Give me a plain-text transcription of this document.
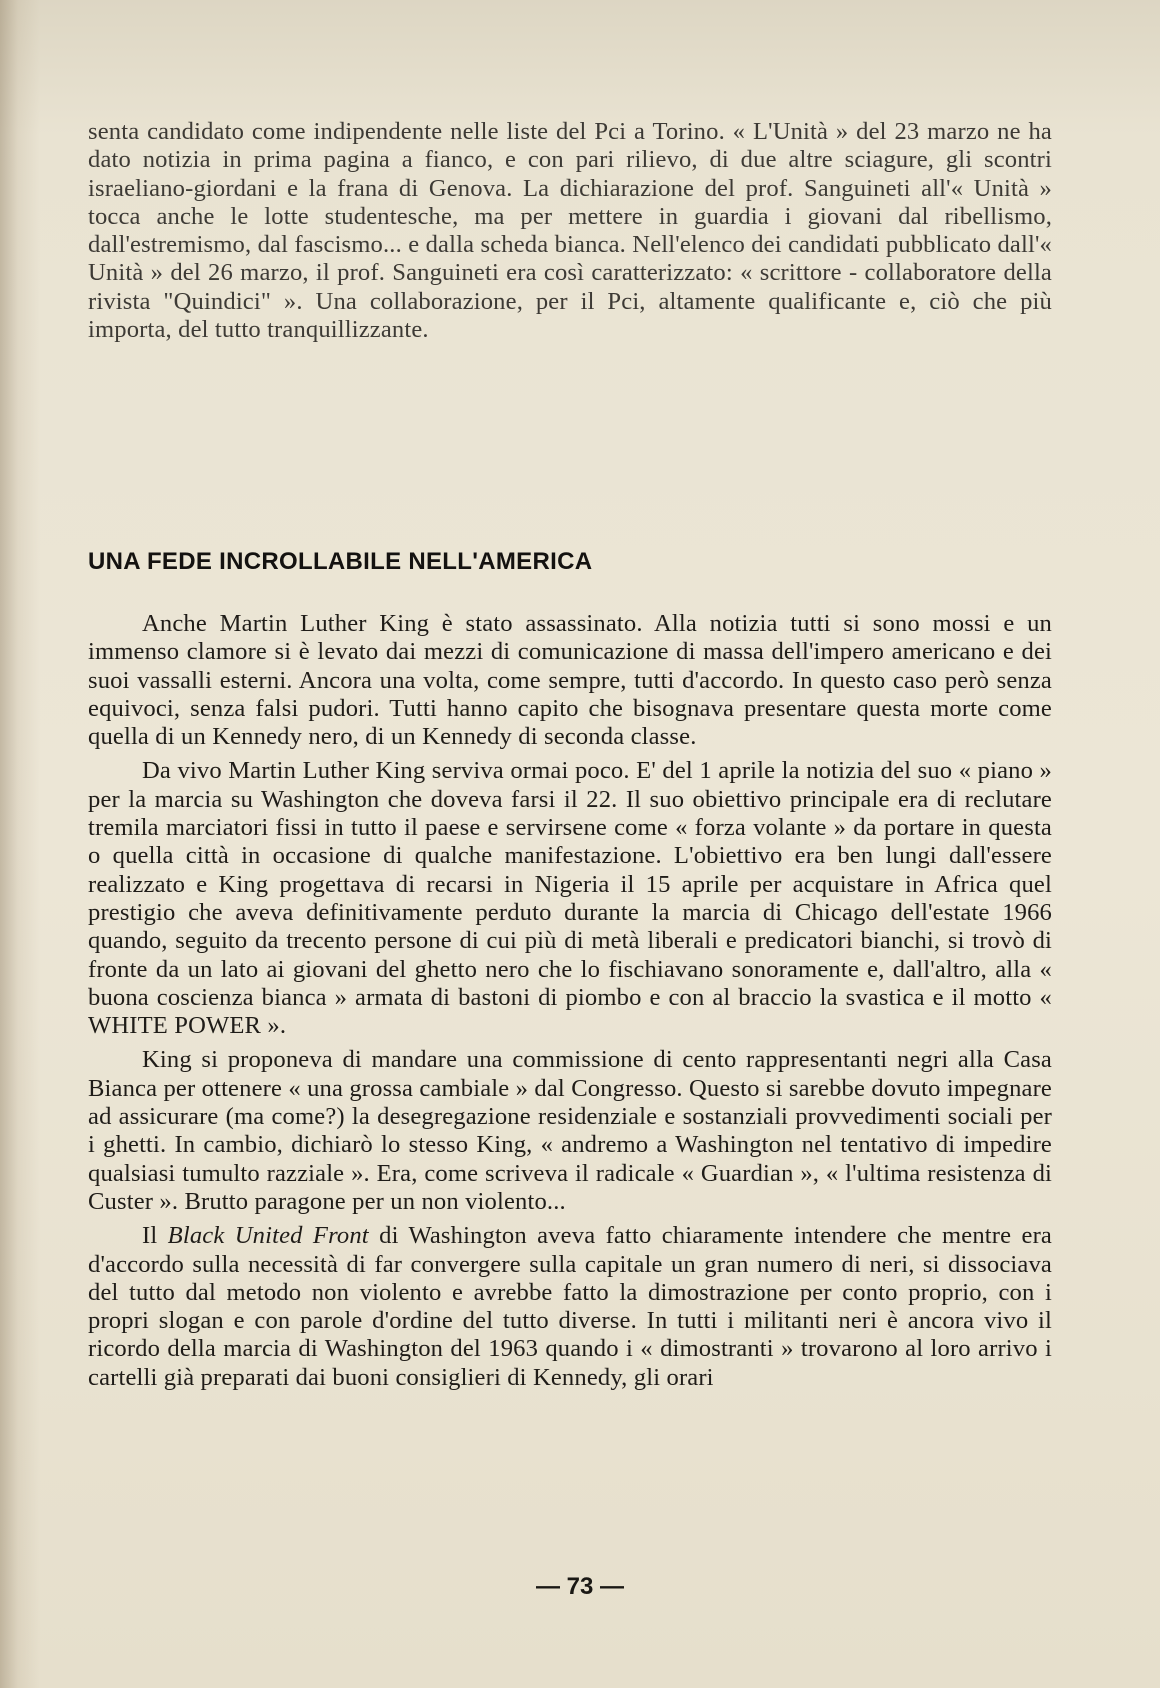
senta candidato come indipendente nelle liste del Pci a Torino. « L'Unità » del 23 marzo ne ha dato notizia in prima pagina a fianco, e con pari rilievo, di due altre sciagure, gli scontri israeliano-giordani e la frana di Genova. La dichiarazione del prof. Sanguineti all'« Unità » tocca anche le lotte studentesche, ma per mettere in guardia i giovani dal ribellismo, dall'estremismo, dal fascismo... e dalla scheda bianca. Nell'elenco dei candidati pubblicato dall'« Unità » del 26 marzo, il prof. Sanguineti era così caratterizzato: « scrittore - collaboratore della rivista "Quindici" ». Una collaborazione, per il Pci, altamente qualificante e, ciò che più importa, del tutto tranquillizzante.

UNA FEDE INCROLLABILE NELL'AMERICA

Anche Martin Luther King è stato assassinato. Alla notizia tutti si sono mossi e un immenso clamore si è levato dai mezzi di comunicazione di massa dell'impero americano e dei suoi vassalli esterni. Ancora una volta, come sempre, tutti d'accordo. In questo caso però senza equivoci, senza falsi pudori. Tutti hanno capito che bisognava presentare questa morte come quella di un Kennedy nero, di un Kennedy di seconda classe.

Da vivo Martin Luther King serviva ormai poco. E' del 1 aprile la notizia del suo « piano » per la marcia su Washington che doveva farsi il 22. Il suo obiettivo principale era di reclutare tremila marciatori fissi in tutto il paese e servirsene come « forza volante » da portare in questa o quella città in occasione di qualche manifestazione. L'obiettivo era ben lungi dall'essere realizzato e King progettava di recarsi in Nigeria il 15 aprile per acquistare in Africa quel prestigio che aveva definitivamente perduto durante la marcia di Chicago dell'estate 1966 quando, seguito da trecento persone di cui più di metà liberali e predicatori bianchi, si trovò di fronte da un lato ai giovani del ghetto nero che lo fischiavano sonoramente e, dall'altro, alla « buona coscienza bianca » armata di bastoni di piombo e con al braccio la svastica e il motto « WHITE POWER ».

King si proponeva di mandare una commissione di cento rappresentanti negri alla Casa Bianca per ottenere « una grossa cambiale » dal Congresso. Questo si sarebbe dovuto impegnare ad assicurare (ma come?) la desegregazione residenziale e sostanziali provvedimenti sociali per i ghetti. In cambio, dichiarò lo stesso King, « andremo a Washington nel tentativo di impedire qualsiasi tumulto razziale ». Era, come scriveva il radicale « Guardian », « l'ultima resistenza di Custer ». Brutto paragone per un non violento...

Il Black United Front di Washington aveva fatto chiaramente intendere che mentre era d'accordo sulla necessità di far convergere sulla capitale un gran numero di neri, si dissociava del tutto dal metodo non violento e avrebbe fatto la dimostrazione per conto proprio, con i propri slogan e con parole d'ordine del tutto diverse. In tutti i militanti neri è ancora vivo il ricordo della marcia di Washington del 1963 quando i « dimostranti » trovarono al loro arrivo i cartelli già preparati dai buoni consiglieri di Kennedy, gli orari

— 73 —
